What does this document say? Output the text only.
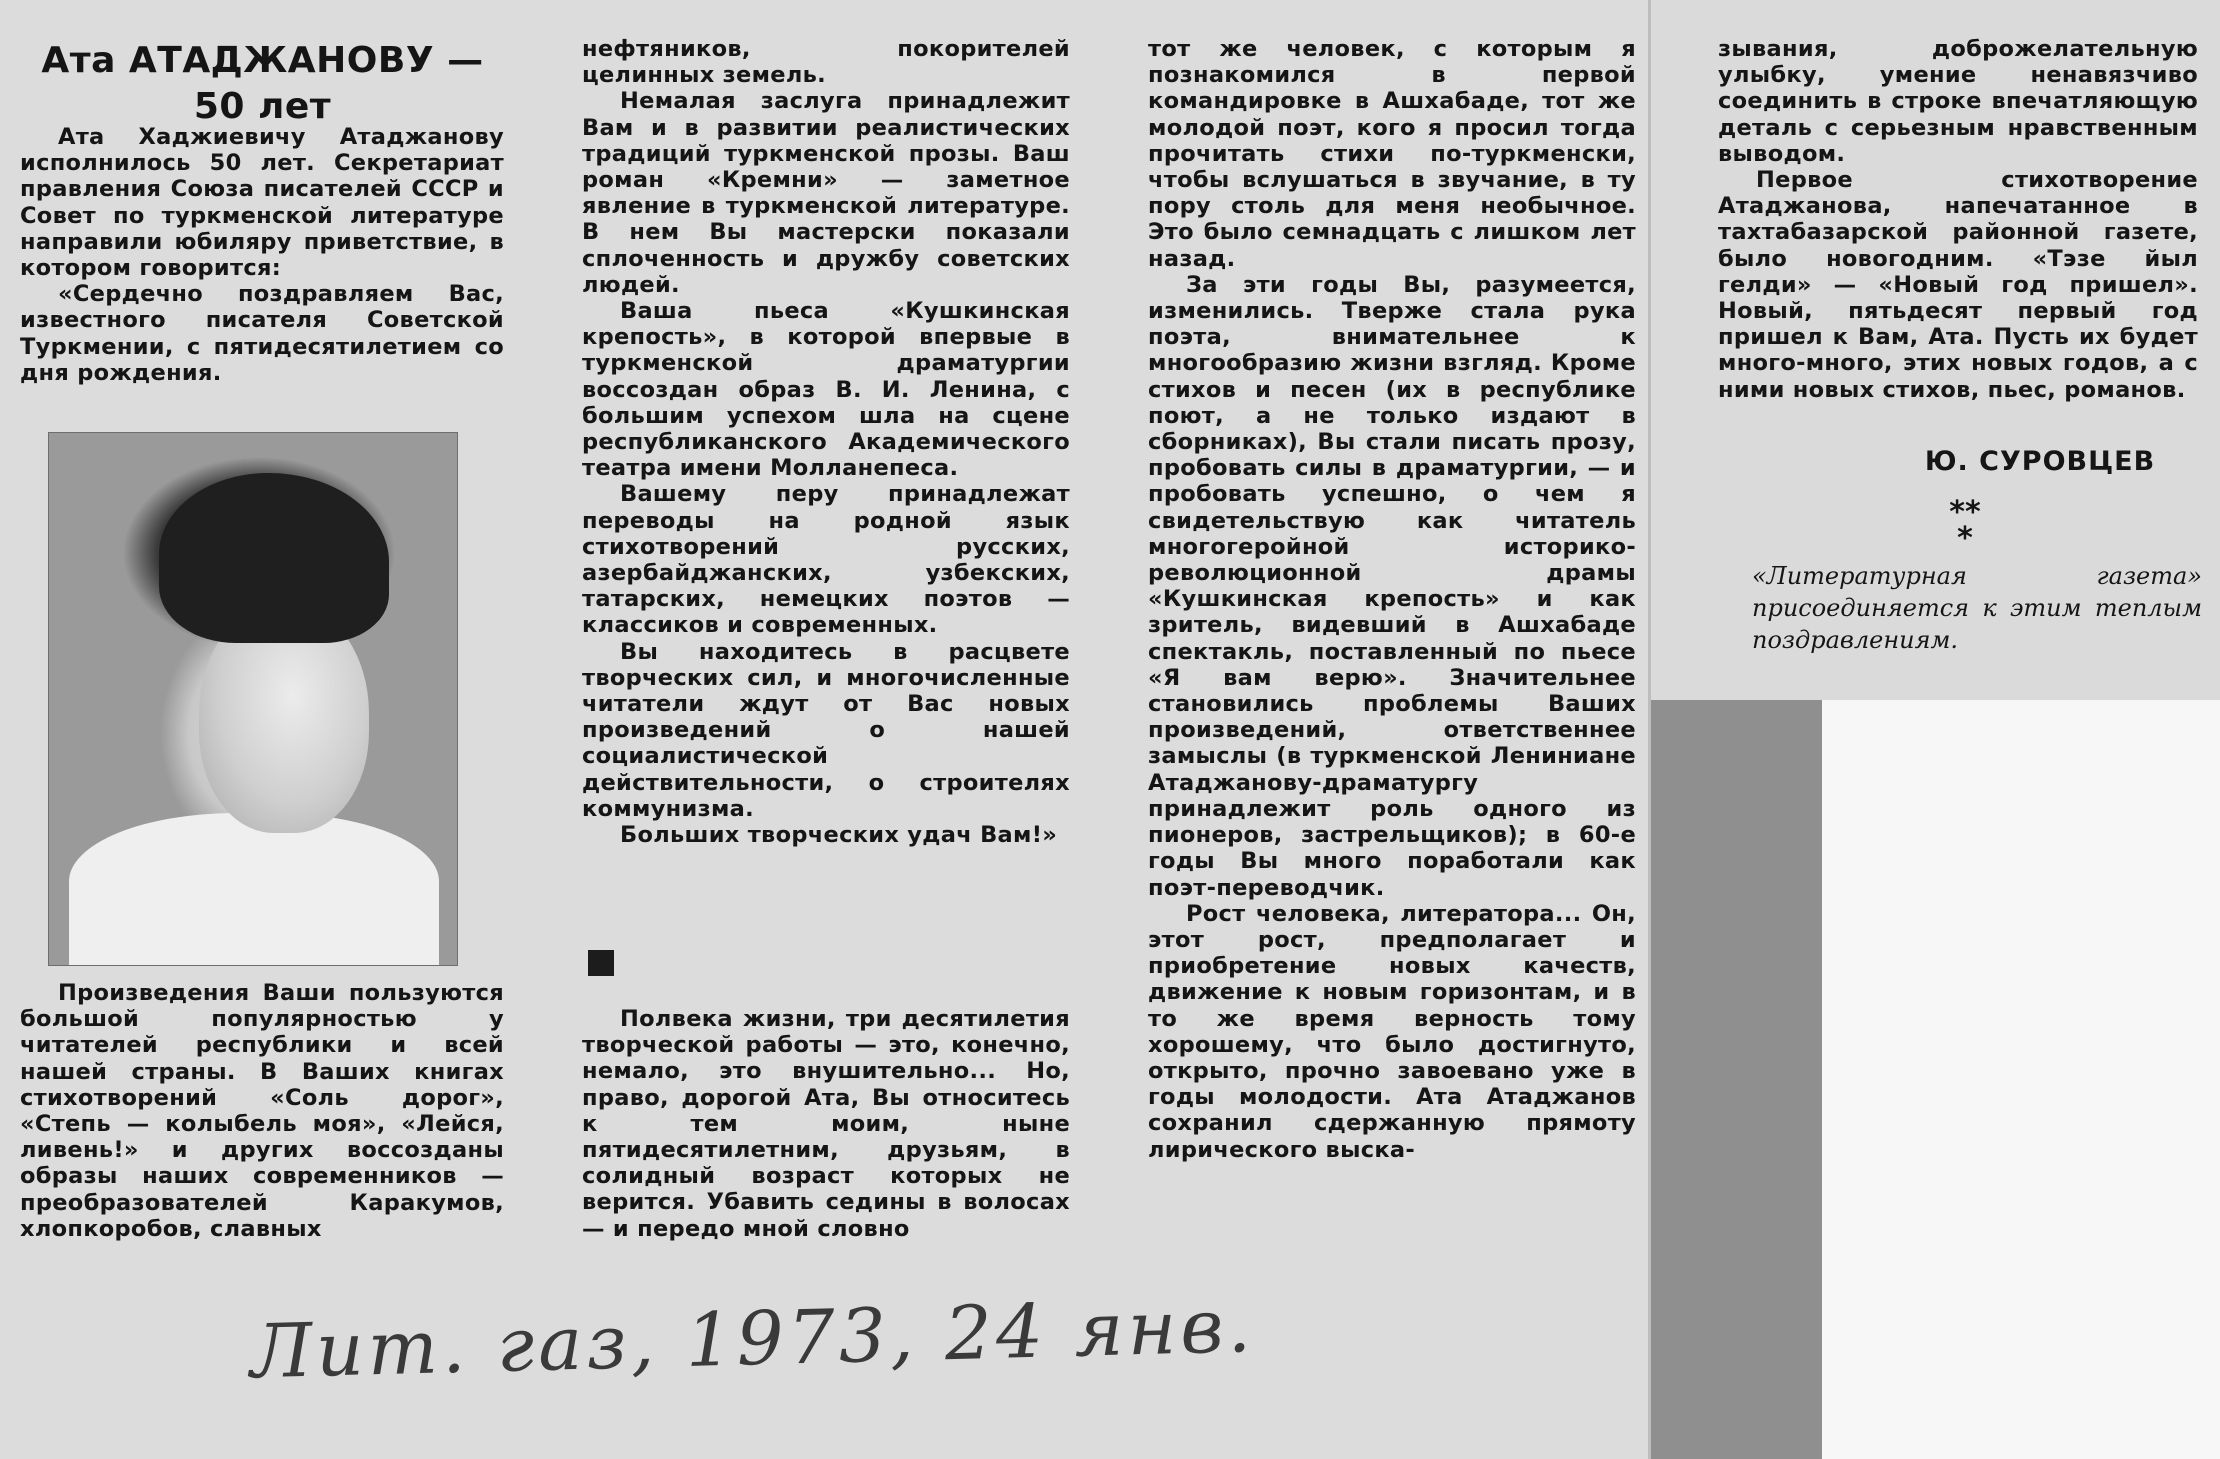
Ата АТАДЖАНОВУ —
50 лет

Ата Хаджиевичу Атаджанову исполнилось 50 лет. Секретариат правления Союза писателей СССР и Совет по туркменской литературе направили юбиляру приветствие, в котором говорится:

«Сердечно поздравляем Вас, известного писателя Советской Туркмении, с пятидесятилетием со дня рождения.

Произведения Ваши пользуются большой популярностью у читателей республики и всей нашей страны. В Ваших книгах стихотворений «Соль дорог», «Степь — колыбель моя», «Лейся, ливень!» и других воссозданы образы наших современников — преобразователей Каракумов, хлопкоробов, славных

нефтяников, покорителей целинных земель.

Немалая заслуга принадлежит Вам и в развитии реалистических традиций туркменской прозы. Ваш роман «Кремни» — заметное явление в туркменской литературе. В нем Вы мастерски показали сплоченность и дружбу советских людей.

Ваша пьеса «Кушкинская крепость», в которой впервые в туркменской драматургии воссоздан образ В. И. Ленина, с большим успехом шла на сцене республиканского Академического театра имени Молланепеса.

Вашему перу принадлежат переводы на родной язык стихотворений русских, азербайджанских, узбекских, татарских, немецких поэтов — классиков и современных.

Вы находитесь в расцвете творческих сил, и многочисленные читатели ждут от Вас новых произведений о нашей социалистической действительности, о строителях коммунизма.

Больших творческих удач Вам!»

Полвека жизни, три десятилетия творческой работы — это, конечно, немало, это внушительно... Но, право, дорогой Ата, Вы относитесь к тем моим, ныне пятидесятилетним, друзьям, в солидный возраст которых не верится. Убавить седины в волосах — и передо мной словно

тот же человек, с которым я познакомился в первой командировке в Ашхабаде, тот же молодой поэт, кого я просил тогда прочитать стихи по-туркменски, чтобы вслушаться в звучание, в ту пору столь для меня необычное. Это было семнадцать с лишком лет назад.

За эти годы Вы, разумеется, изменились. Тверже стала рука поэта, внимательнее к многообразию жизни взгляд. Кроме стихов и песен (их в республике поют, а не только издают в сборниках), Вы стали писать прозу, пробовать силы в драматургии, — и пробовать успешно, о чем я свидетельствую как читатель многогеройной историко-революционной драмы «Кушкинская крепость» и как зритель, видевший в Ашхабаде спектакль, поставленный по пьесе «Я вам верю». Значительнее становились проблемы Ваших произведений, ответственнее замыслы (в туркменской Лениниане Атаджанову-драматургу принадлежит роль одного из пионеров, застрельщиков); в 60-е годы Вы много поработали как поэт-переводчик.

Рост человека, литератора... Он, этот рост, предполагает и приобретение новых качеств, движение к новым горизонтам, и в то же время верность тому хорошему, что было достигнуто, открыто, прочно завоевано уже в годы молодости. Ата Атаджанов сохранил сдержанную прямоту лирического выска-

зывания, доброжелательную улыбку, умение ненавязчиво соединить в строке впечатляющую деталь с серьезным нравственным выводом.

Первое стихотворение Атаджанова, напечатанное в тахтабазарской районной газете, было новогодним. «Тэзе йыл гелди» — «Новый год пришел». Новый, пятьдесят первый год пришел к Вам, Ата. Пусть их будет много-много, этих новых годов, а с ними новых стихов, пьес, романов.

Ю. СУРОВЦЕВ
**
*
«Литературная газета» присоединяется к этим теплым поздравлениям.
Лит. газ, 1973, 24 янв.
